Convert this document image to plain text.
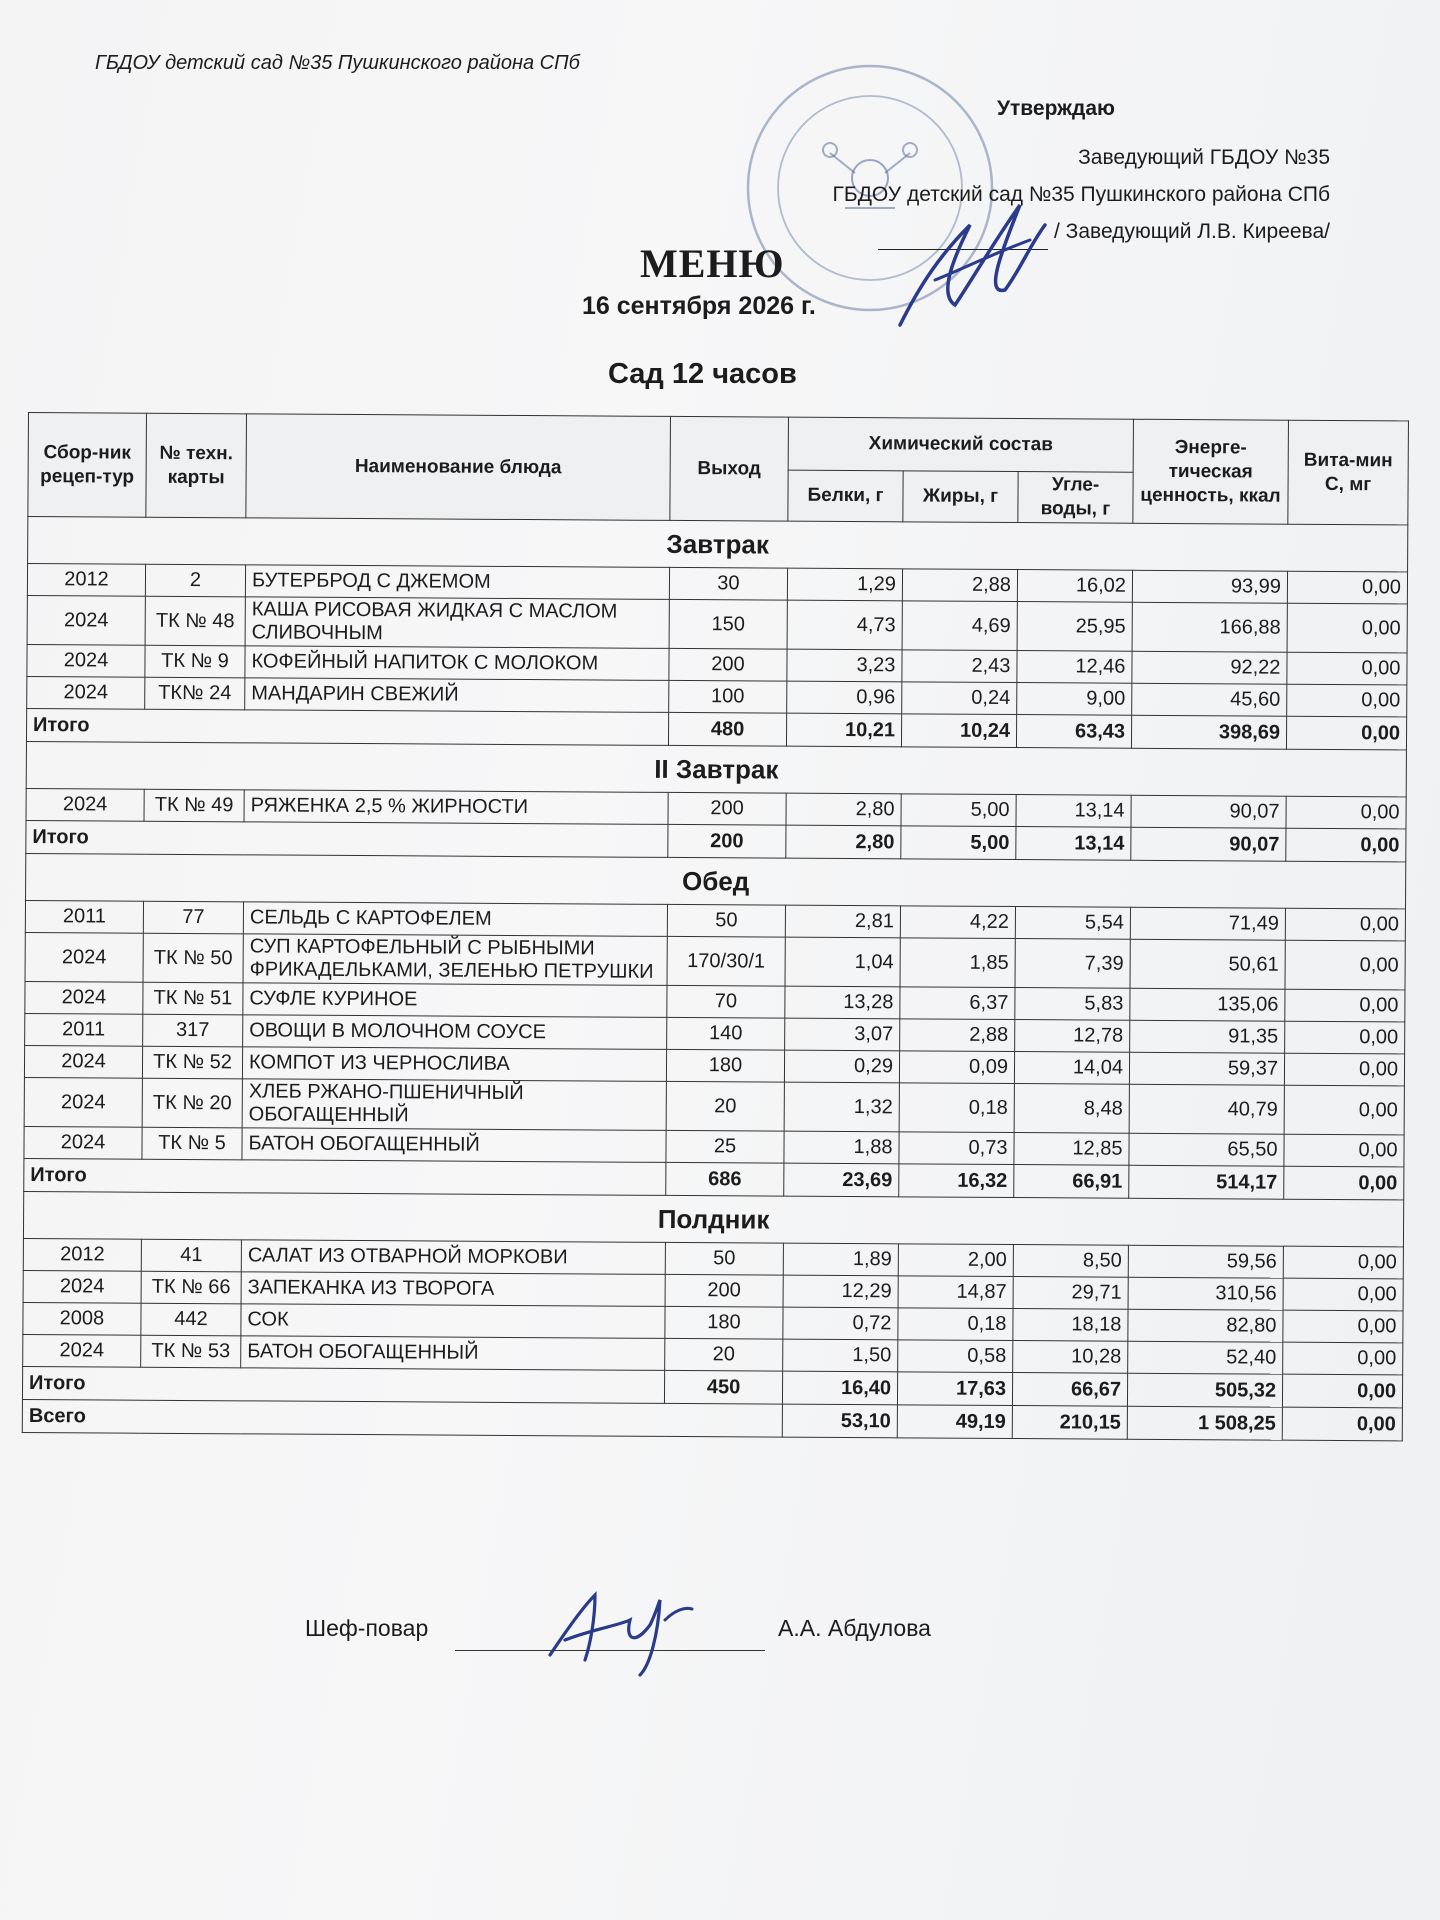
ГБДОУ детский сад №35 Пушкинского района СПб
Утверждаю
Заведующий ГБДОУ №35
ГБДОУ детский сад №35 Пушкинского района СПб
/ Заведующий Л.В. Киреева/
МЕНЮ
16 сентября 2026 г.
Сад 12 часов
Сбор-ник рецеп-тур	№ техн. карты	Наименование блюда	Выход	Химический состав			Энерге-тическая ценность, ккал	Вита-мин С, мг
				Белки, г	Жиры, г	Угле-воды, г		
Завтрак								
2012	2	БУТЕРБРОД С ДЖЕМОМ	30	1,29	2,88	16,02	93,99	0,00
2024	ТК № 48	КАША РИСОВАЯ ЖИДКАЯ С МАСЛОМ СЛИВОЧНЫМ	150	4,73	4,69	25,95	166,88	0,00
2024	ТК № 9	КОФЕЙНЫЙ НАПИТОК С МОЛОКОМ	200	3,23	2,43	12,46	92,22	0,00
2024	ТК№ 24	МАНДАРИН СВЕЖИЙ	100	0,96	0,24	9,00	45,60	0,00
Итого			480	10,21	10,24	63,43	398,69	0,00
II Завтрак								
2024	ТК № 49	РЯЖЕНКА 2,5 % ЖИРНОСТИ	200	2,80	5,00	13,14	90,07	0,00
Итого			200	2,80	5,00	13,14	90,07	0,00
Обед								
2011	77	СЕЛЬДЬ С КАРТОФЕЛЕМ	50	2,81	4,22	5,54	71,49	0,00
2024	ТК № 50	СУП КАРТОФЕЛЬНЫЙ С РЫБНЫМИ ФРИКАДЕЛЬКАМИ, ЗЕЛЕНЬЮ ПЕТРУШКИ	170/30/1	1,04	1,85	7,39	50,61	0,00
2024	ТК № 51	СУФЛЕ КУРИНОЕ	70	13,28	6,37	5,83	135,06	0,00
2011	317	ОВОЩИ В МОЛОЧНОМ СОУСЕ	140	3,07	2,88	12,78	91,35	0,00
2024	ТК № 52	КОМПОТ ИЗ ЧЕРНОСЛИВА	180	0,29	0,09	14,04	59,37	0,00
2024	ТК № 20	ХЛЕБ РЖАНО-ПШЕНИЧНЫЙ ОБОГАЩЕННЫЙ	20	1,32	0,18	8,48	40,79	0,00
2024	ТК № 5	БАТОН ОБОГАЩЕННЫЙ	25	1,88	0,73	12,85	65,50	0,00
Итого			686	23,69	16,32	66,91	514,17	0,00
Полдник								
2012	41	САЛАТ ИЗ ОТВАРНОЙ МОРКОВИ	50	1,89	2,00	8,50	59,56	0,00
2024	ТК № 66	ЗАПЕКАНКА ИЗ ТВОРОГА	200	12,29	14,87	29,71	310,56	0,00
2008	442	СОК	180	0,72	0,18	18,18	82,80	0,00
2024	ТК № 53	БАТОН ОБОГАЩЕННЫЙ	20	1,50	0,58	10,28	52,40	0,00
Итого			450	16,40	17,63	66,67	505,32	0,00
Всего				53,10	49,19	210,15	1 508,25	0,00
Шеф-повар	А.А. Абдулова
